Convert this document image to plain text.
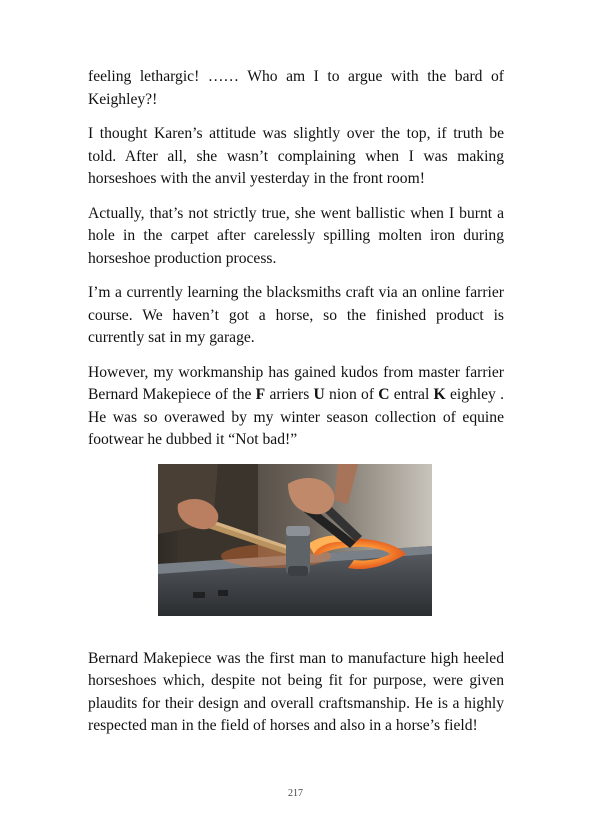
feeling lethargic! …… Who am I to argue with the bard of Keighley?!

I thought Karen’s attitude was slightly over the top, if truth be told. After all, she wasn’t complaining when I was making horseshoes with the anvil yesterday in the front room!

Actually, that’s not strictly true, she went ballistic when I burnt a hole in the carpet after carelessly spilling molten iron during horseshoe production process.

I’m a currently learning the blacksmiths craft via an online farrier course. We haven’t got a horse, so the finished product is currently sat in my garage.

However, my workmanship has gained kudos from master farrier Bernard Makepiece of the F arriers U nion of C entral K eighley . He was so overawed by my winter season collection of equine footwear he dubbed it “Not bad!”

Bernard Makepiece was the first man to manufacture high heeled horseshoes which, despite not being fit for purpose, were given plaudits for their design and overall craftsmanship. He is a highly respected man in the field of horses and also in a horse’s field!

217
